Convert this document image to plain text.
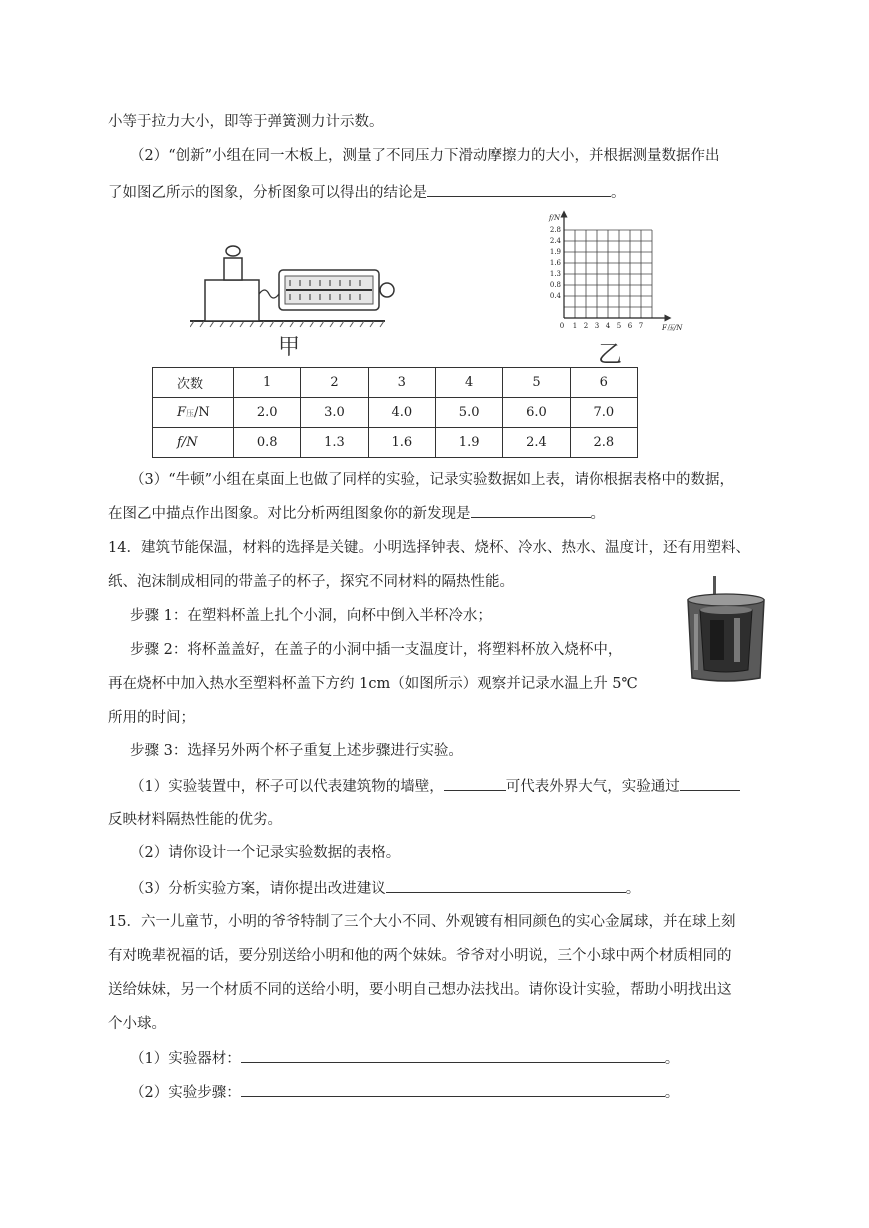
小等于拉力大小，即等于弹簧测力计示数。
（2）“创新”小组在同一木板上，测量了不同压力下滑动摩擦力的大小，并根据测量数据作出
了如图乙所示的图象，分析图象可以得出的结论是	。
甲
f/N
F压/N
2.8
2.4
1.9
1.6
1.3
0.8
0.4
0 1 2 3 4 5 6 7
乙
次数	1	2	3	4	5	6
F压/N	2.0	3.0	4.0	5.0	6.0	7.0
f/N	0.8	1.3	1.6	1.9	2.4	2.8
（3）“牛顿”小组在桌面上也做了同样的实验，记录实验数据如上表，请你根据表格中的数据，
在图乙中描点作出图象。对比分析两组图象你的新发现是	。
14．建筑节能保温，材料的选择是关键。小明选择钟表、烧杯、冷水、热水、温度计，还有用塑料、
纸、泡沫制成相同的带盖子的杯子，探究不同材料的隔热性能。
步骤 1：在塑料杯盖上扎个小洞，向杯中倒入半杯冷水；
步骤 2：将杯盖盖好，在盖子的小洞中插一支温度计，将塑料杯放入烧杯中，
再在烧杯中加入热水至塑料杯盖下方约 1cm（如图所示）观察并记录水温上升 5℃
所用的时间；
步骤 3：选择另外两个杯子重复上述步骤进行实验。
（1）实验装置中，杯子可以代表建筑物的墙壁，	可代表外界大气，实验通过
反映材料隔热性能的优劣。
（2）请你设计一个记录实验数据的表格。
（3）分析实验方案，请你提出改进建议	。
15．六一儿童节，小明的爷爷特制了三个大小不同、外观镀有相同颜色的实心金属球，并在球上刻
有对晚辈祝福的话，要分别送给小明和他的两个妹妹。爷爷对小明说，三个小球中两个材质相同的
送给妹妹，另一个材质不同的送给小明，要小明自己想办法找出。请你设计实验，帮助小明找出这
个小球。
（1）实验器材：	。
（2）实验步骤：	。
